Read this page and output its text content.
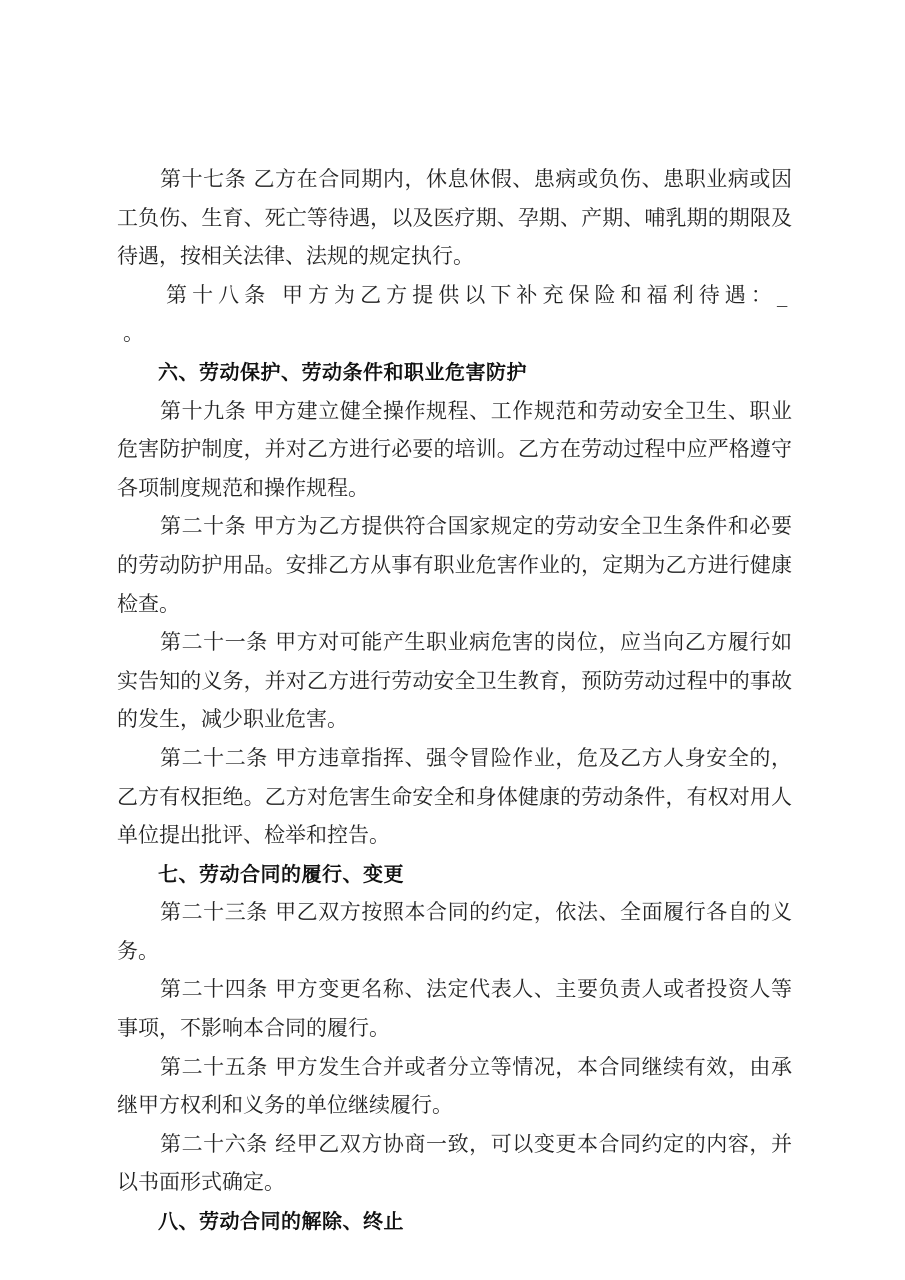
第十七条 乙方在合同期内，休息休假、患病或负伤、患职业病或因工负伤、生育、死亡等待遇，以及医疗期、孕期、产期、哺乳期的期限及待遇，按相关法律、法规的规定执行。

第十八条 甲方为乙方提供以下补充保险和福利待遇：_ 。

六、劳动保护、劳动条件和职业危害防护

第十九条 甲方建立健全操作规程、工作规范和劳动安全卫生、职业危害防护制度，并对乙方进行必要的培训。乙方在劳动过程中应严格遵守各项制度规范和操作规程。

第二十条 甲方为乙方提供符合国家规定的劳动安全卫生条件和必要的劳动防护用品。安排乙方从事有职业危害作业的，定期为乙方进行健康检查。

第二十一条 甲方对可能产生职业病危害的岗位，应当向乙方履行如实告知的义务，并对乙方进行劳动安全卫生教育，预防劳动过程中的事故的发生，减少职业危害。

第二十二条 甲方违章指挥、强令冒险作业，危及乙方人身安全的，乙方有权拒绝。乙方对危害生命安全和身体健康的劳动条件，有权对用人单位提出批评、检举和控告。

七、劳动合同的履行、变更

第二十三条 甲乙双方按照本合同的约定，依法、全面履行各自的义务。

第二十四条 甲方变更名称、法定代表人、主要负责人或者投资人等事项，不影响本合同的履行。

第二十五条 甲方发生合并或者分立等情况，本合同继续有效，由承继甲方权利和义务的单位继续履行。

第二十六条 经甲乙双方协商一致，可以变更本合同约定的内容，并以书面形式确定。

八、劳动合同的解除、终止
